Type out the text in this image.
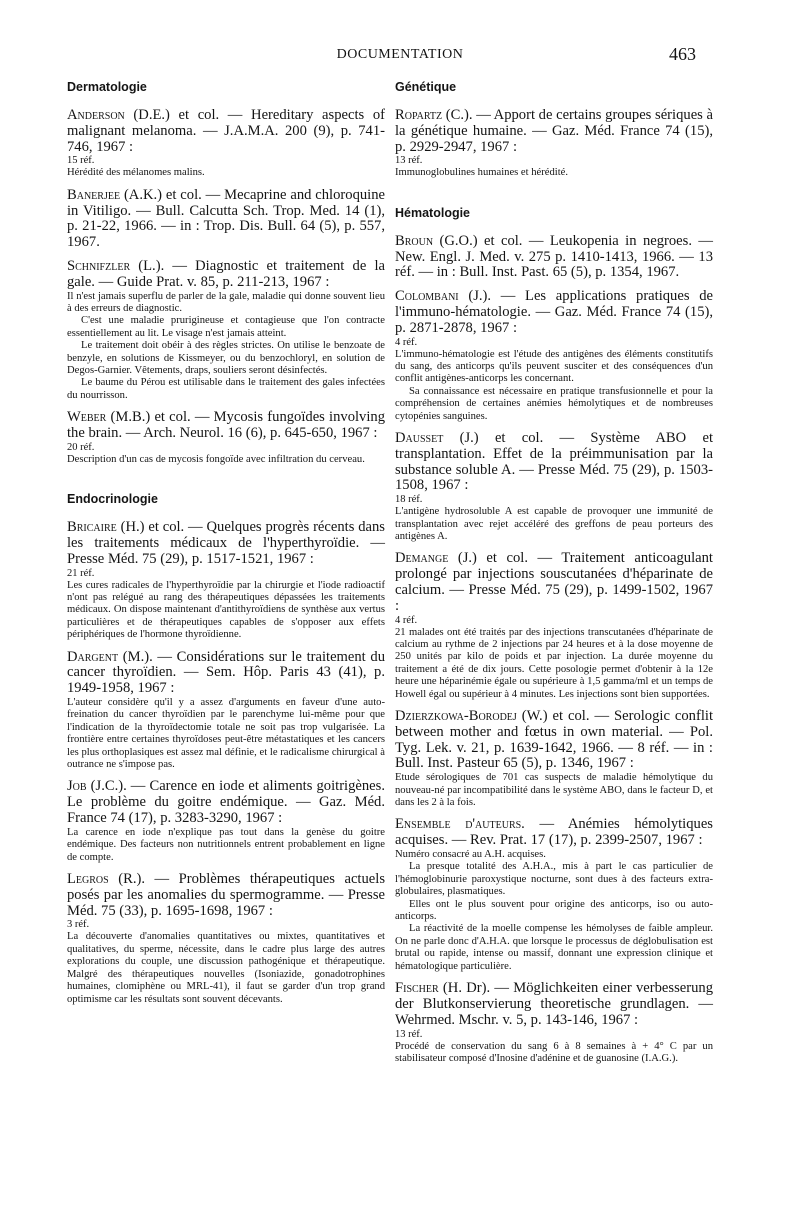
DOCUMENTATION	463
Dermatologie
Anderson (D.E.) et col. — Hereditary aspects of malignant melanoma. — J.A.M.A. 200 (9), p. 741-746, 1967 :
15 réf.

Hérédité des mélanomes malins.

Banerjee (A.K.) et col. — Mecaprine and chloroquine in Vitiligo. — Bull. Calcutta Sch. Trop. Med. 14 (1), p. 21-22, 1966. — in : Trop. Dis. Bull. 64 (5), p. 557, 1967.
Schnifzler (L.). — Diagnostic et traitement de la gale. — Guide Prat. v. 85, p. 211-213, 1967 :

Il n'est jamais superflu de parler de la gale, maladie qui donne souvent lieu à des erreurs de diagnostic.

C'est une maladie prurigineuse et contagieuse que l'on contracte essentiellement au lit. Le visage n'est jamais atteint.

Le traitement doit obéir à des règles strictes. On utilise le benzoate de benzyle, en solutions de Kissmeyer, ou du benzochloryl, en solution de Degos-Garnier. Vêtements, draps, souliers seront désinfectés.

Le baume du Pérou est utilisable dans le traitement des gales infectées du nourrisson.

Weber (M.B.) et col. — Mycosis fungoïdes involving the brain. — Arch. Neurol. 16 (6), p. 645-650, 1967 :
20 réf.

Description d'un cas de mycosis fongoïde avec infiltration du cerveau.

Endocrinologie
Bricaire (H.) et col. — Quelques progrès récents dans les traitements médicaux de l'hyperthyroïdie. — Presse Méd. 75 (29), p. 1517-1521, 1967 :
21 réf.

Les cures radicales de l'hyperthyroïdie par la chirurgie et l'iode radioactif n'ont pas relégué au rang des thérapeutiques dépassées les traitements médicaux. On dispose maintenant d'antithyroïdiens de synthèse aux vertus particulières et de thérapeutiques capables de s'opposer aux effets périphériques de l'hormone thyroïdienne.

Dargent (M.). — Considérations sur le traitement du cancer thyroïdien. — Sem. Hôp. Paris 43 (41), p. 1949-1958, 1967 :

L'auteur considère qu'il y a assez d'arguments en faveur d'une auto-freination du cancer thyroïdien par le parenchyme lui-même pour que l'indication de la thyroïdectomie totale ne soit pas trop vulgarisée. La frontière entre certaines thyroïdoses peut-être métastatiques et les cancers les plus orthoplasiques est assez mal définie, et le radicalisme chirurgical à outrance ne s'impose pas.

Job (J.C.). — Carence en iode et aliments goitrigènes. Le problème du goitre endémique. — Gaz. Méd. France 74 (17), p. 3283-3290, 1967 :

La carence en iode n'explique pas tout dans la genèse du goitre endémique. Des facteurs non nutritionnels entrent probablement en ligne de compte.

Legros (R.). — Problèmes thérapeutiques actuels posés par les anomalies du spermogramme. — Presse Méd. 75 (33), p. 1695-1698, 1967 :
3 réf.

La découverte d'anomalies quantitatives ou mixtes, quantitatives et qualitatives, du sperme, nécessite, dans le cadre plus large des autres explorations du couple, une discussion pathogénique et thérapeutique. Malgré des thérapeutiques nouvelles (Isoniazide, gonadotrophines humaines, clomiphène ou MRL-41), il faut se garder d'un trop grand optimisme car les résultats sont souvent décevants.

Génétique
Ropartz (C.). — Apport de certains groupes sériques à la génétique humaine. — Gaz. Méd. France 74 (15), p. 2929-2947, 1967 :
13 réf.

Immunoglobulines humaines et hérédité.

Hématologie
Broun (G.O.) et col. — Leukopenia in negroes. — New. Engl. J. Med. v. 275 p. 1410-1413, 1966. — 13 réf. — in : Bull. Inst. Past. 65 (5), p. 1354, 1967.
Colombani (J.). — Les applications pratiques de l'immuno-hématologie. — Gaz. Méd. France 74 (15), p. 2871-2878, 1967 :
4 réf.

L'immuno-hématologie est l'étude des antigènes des éléments constitutifs du sang, des anticorps qu'ils peuvent susciter et des conséquences d'un conflit antigènes-anticorps les concernant.

Sa connaissance est nécessaire en pratique transfusionnelle et pour la compréhension de certaines anémies hémolytiques et de nombreuses cytopénies sanguines.

Dausset (J.) et col. — Système ABO et transplantation. Effet de la préimmunisation par la substance soluble A. — Presse Méd. 75 (29), p. 1503-1508, 1967 :
18 réf.

L'antigène hydrosoluble A est capable de provoquer une immunité de transplantation avec rejet accéléré des greffons de peau porteurs des antigènes A.

Demange (J.) et col. — Traitement anticoagulant prolongé par injections souscutanées d'héparinate de calcium. — Presse Méd. 75 (29), p. 1499-1502, 1967 :
4 réf.

21 malades ont été traités par des injections transcutanées d'héparinate de calcium au rythme de 2 injections par 24 heures et à la dose moyenne de 250 unités par kilo de poids et par injection. La durée moyenne du traitement a été de dix jours. Cette posologie permet d'obtenir à la 12e heure une héparinémie égale ou supérieure à 1,5 gamma/ml et un temps de Howell égal ou supérieur à 4 minutes. Les injections sont bien supportées.

Dzierzkowa-Borodej (W.) et col. — Serologic conflit between mother and fœtus in own material. — Pol. Tyg. Lek. v. 21, p. 1639-1642, 1966. — 8 réf. — in : Bull. Inst. Pasteur 65 (5), p. 1346, 1967 :

Etude sérologiques de 701 cas suspects de maladie hémolytique du nouveau-né par incompatibilité dans le système ABO, dans le facteur D, et dans les 2 à la fois.

Ensemble d'auteurs. — Anémies hémolytiques acquises. — Rev. Prat. 17 (17), p. 2399-2507, 1967 :

Numéro consacré au A.H. acquises.

La presque totalité des A.H.A., mis à part le cas particulier de l'hémoglobinurie paroxystique nocturne, sont dues à des facteurs extra-globulaires, plasmatiques.

Elles ont le plus souvent pour origine des anticorps, iso ou auto-anticorps.

La réactivité de la moelle compense les hémolyses de faible ampleur. On ne parle donc d'A.H.A. que lorsque le processus de déglobulisation est brutal ou rapide, intense ou massif, donnant une expression clinique et hématologique particulière.

Fischer (H. Dr). — Möglichkeiten einer verbesserung der Blutkonservierung theoretische grundlagen. — Wehrmed. Mschr. v. 5, p. 143-146, 1967 :
13 réf.

Procédé de conservation du sang 6 à 8 semaines à + 4° C par un stabilisateur composé d'Inosine d'adénine et de guanosine (I.A.G.).
